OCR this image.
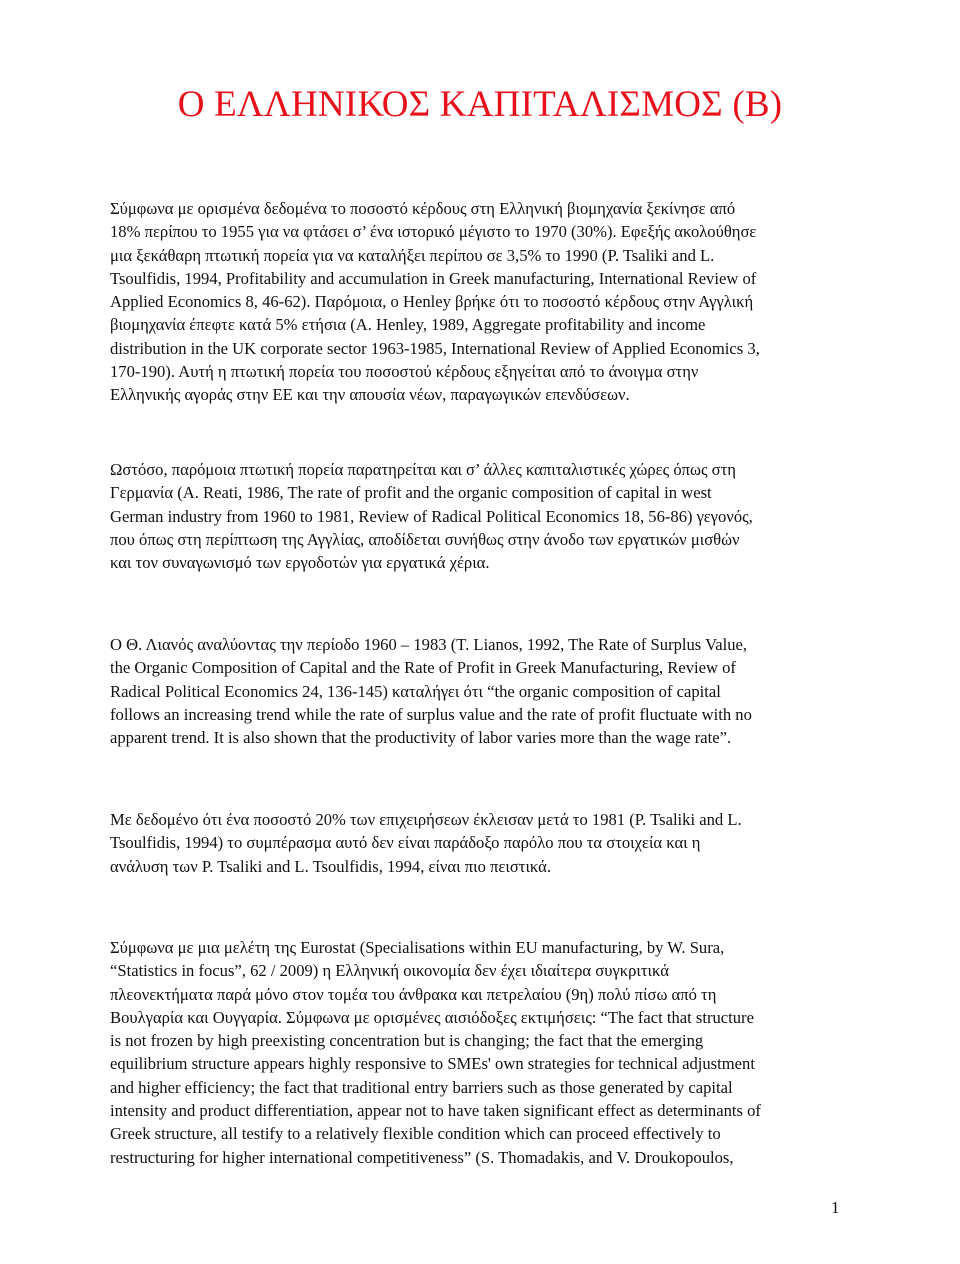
Ο ΕΛΛΗΝΙΚΟΣ ΚΑΠΙΤΑΛΙΣΜΟΣ (Β)
Σύμφωνα με ορισμένα δεδομένα το ποσοστό κέρδους στη Ελληνική βιομηχανία ξεκίνησε από
18% περίπου το 1955 για να φτάσει σ’ ένα ιστορικό μέγιστο το 1970 (30%). Εφεξής ακολούθησε
μια ξεκάθαρη πτωτική πορεία για να καταλήξει περίπου σε 3,5% το 1990 (P. Tsaliki and L.
Tsoulfidis, 1994, Profitability and accumulation in Greek manufacturing, International Review of
Applied Economics 8, 46-62). Παρόμοια, ο Henley βρήκε ότι το ποσοστό κέρδους στην Αγγλική
βιομηχανία έπεφτε κατά 5% ετήσια (A. Henley, 1989, Aggregate profitability and income
distribution in the UK corporate sector 1963-1985, International Review of Applied Economics 3,
170-190). Αυτή η πτωτική πορεία του ποσοστού κέρδους εξηγείται από το άνοιγμα στην
Ελληνικής αγοράς στην ΕΕ και την απουσία νέων, παραγωγικών επενδύσεων.
Ωστόσο, παρόμοια πτωτική πορεία παρατηρείται και σ’ άλλες καπιταλιστικές χώρες όπως στη
Γερμανία (A. Reati, 1986, The rate of profit and the organic composition of capital in west
German industry from 1960 to 1981, Review of Radical Political Economics 18, 56-86) γεγονός,
που όπως στη περίπτωση της Αγγλίας, αποδίδεται συνήθως στην άνοδο των εργατικών μισθών
και τον συναγωνισμό των εργοδοτών για εργατικά χέρια.
Ο Θ. Λιανός αναλύοντας την περίοδο 1960 – 1983 (T. Lianos, 1992, The Rate of Surplus Value,
the Organic Composition of Capital and the Rate of Profit in Greek Manufacturing, Review of
Radical Political Economics 24, 136-145) καταλήγει ότι “the organic composition of capital
follows an increasing trend while the rate of surplus value and the rate of profit fluctuate with no
apparent trend. It is also shown that the productivity of labor varies more than the wage rate”.
Με δεδομένο ότι ένα ποσοστό 20% των επιχειρήσεων έκλεισαν μετά το 1981 (P. Tsaliki and L.
Tsoulfidis, 1994) το συμπέρασμα αυτό δεν είναι παράδοξο παρόλο που τα στοιχεία και η
ανάλυση των P. Tsaliki and L. Tsoulfidis, 1994, είναι πιο πειστικά.
Σύμφωνα με μια μελέτη της Eurostat (Specialisations within EU manufacturing, by W. Sura,
“Statistics in focus”, 62 / 2009) η Ελληνική οικονομία δεν έχει ιδιαίτερα συγκριτικά
πλεονεκτήματα παρά μόνο στον τομέα του άνθρακα και πετρελαίου (9η) πολύ πίσω από τη
Βουλγαρία και Ουγγαρία. Σύμφωνα με ορισμένες αισιόδοξες εκτιμήσεις: “The fact that structure
is not frozen by high preexisting concentration but is changing; the fact that the emerging
equilibrium structure appears highly responsive to SMEs' own strategies for technical adjustment
and higher efficiency; the fact that traditional entry barriers such as those generated by capital
intensity and product differentiation, appear not to have taken significant effect as determinants of
Greek structure, all testify to a relatively flexible condition which can proceed effectively to
restructuring for higher international competitiveness” (S. Thomadakis, and V. Droukopoulos,

1
